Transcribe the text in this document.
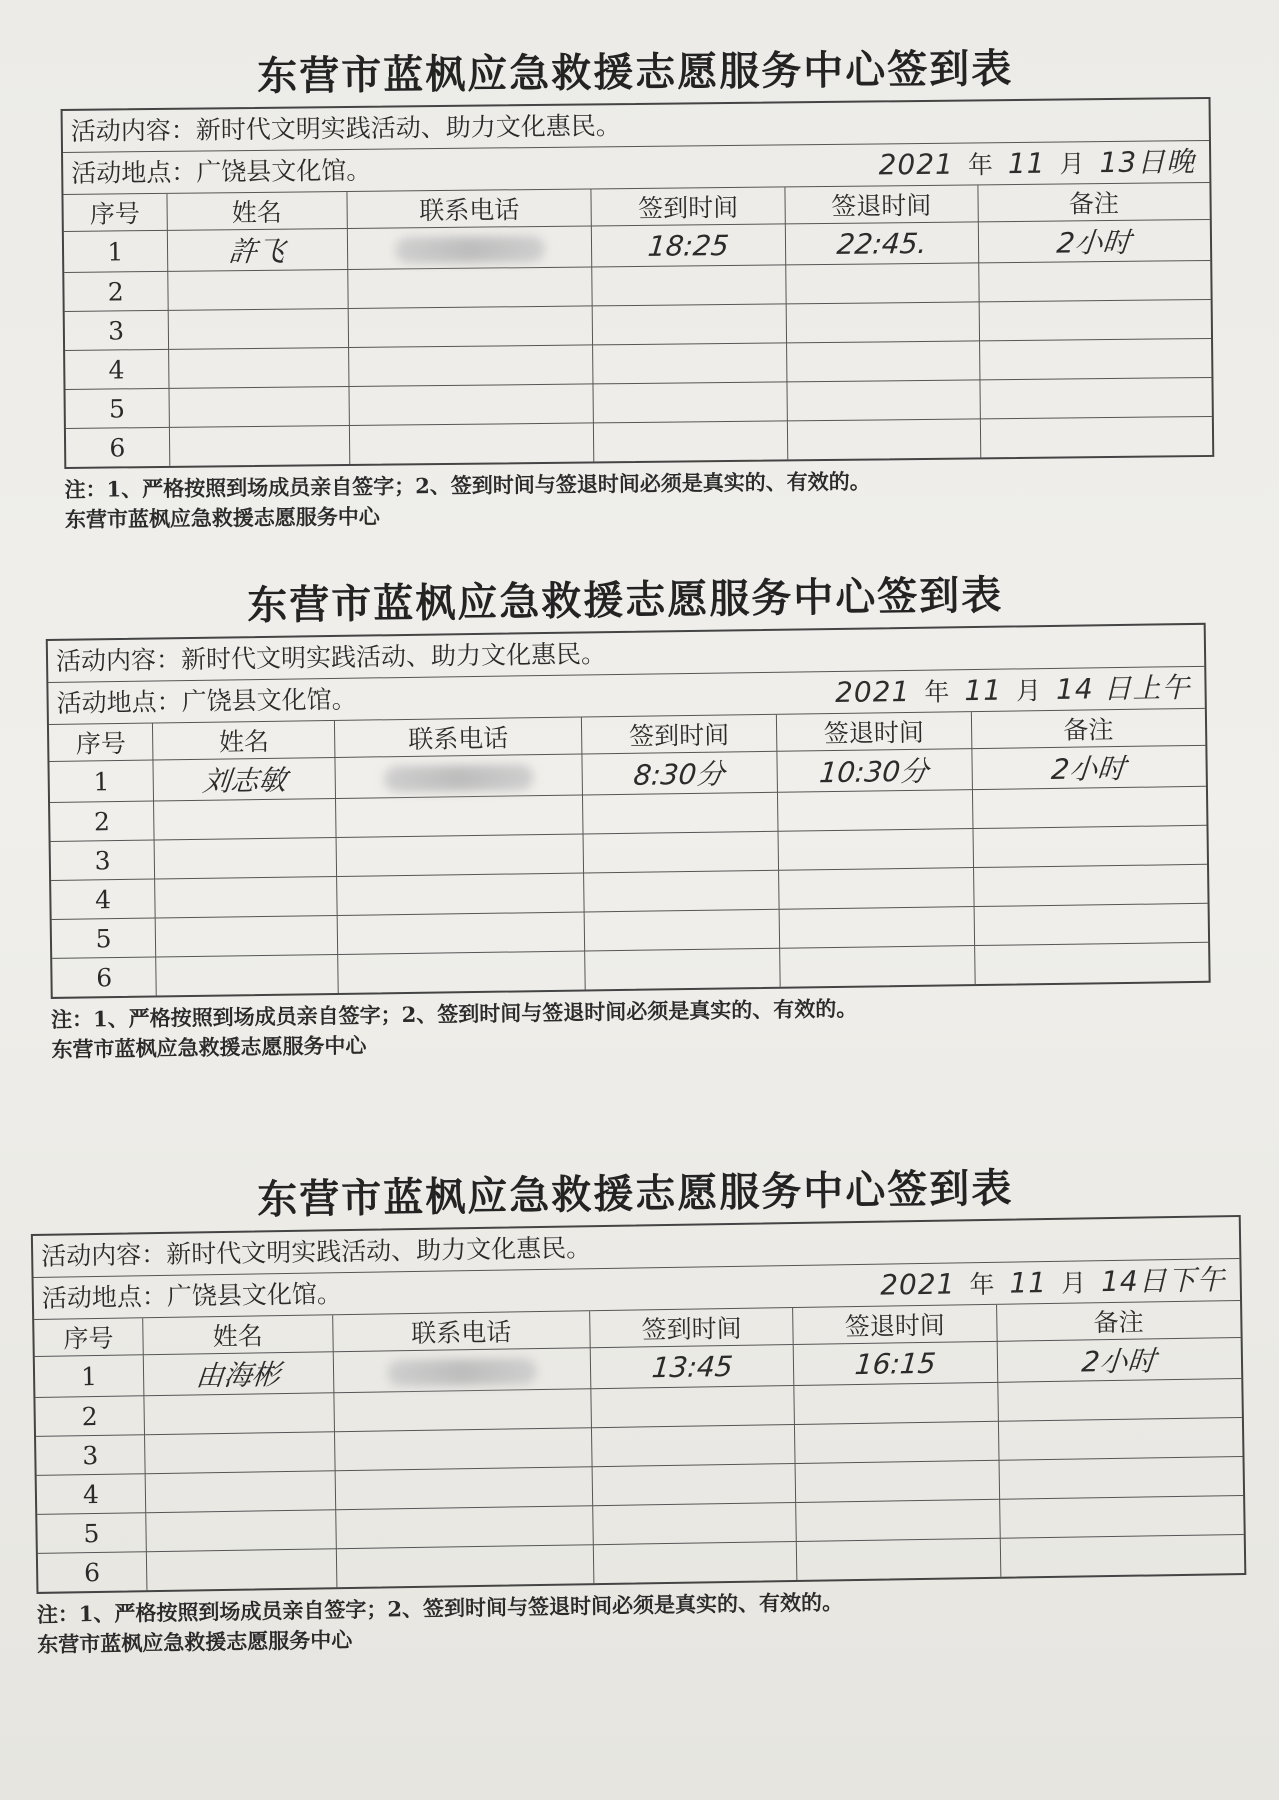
东营市蓝枫应急救援志愿服务中心签到表
活动内容：新时代文明实践活动、助力文化惠民。
活动地点：广饶县文化馆。	2021 年 11 月 13日晚
序号	姓名	联系电话	签到时间	签退时间	备注
1	許飞		18:25	22:45.	2小时
2					
3					
4					
5					
6					
注：1、严格按照到场成员亲自签字；2、签到时间与签退时间必须是真实的、有效的。
东营市蓝枫应急救援志愿服务中心
东营市蓝枫应急救援志愿服务中心签到表
活动内容：新时代文明实践活动、助力文化惠民。
活动地点：广饶县文化馆。	2021 年 11 月 14 日上午
序号	姓名	联系电话	签到时间	签退时间	备注
1	刘志敏		8:30分	10:30分	2小时
2					
3					
4					
5					
6					
注：1、严格按照到场成员亲自签字；2、签到时间与签退时间必须是真实的、有效的。
东营市蓝枫应急救援志愿服务中心
东营市蓝枫应急救援志愿服务中心签到表
活动内容：新时代文明实践活动、助力文化惠民。
活动地点：广饶县文化馆。	2021 年 11 月 14日下午
序号	姓名	联系电话	签到时间	签退时间	备注
1	由海彬		13:45	16:15	2小时
2					
3					
4					
5					
6					
注：1、严格按照到场成员亲自签字；2、签到时间与签退时间必须是真实的、有效的。
东营市蓝枫应急救援志愿服务中心
